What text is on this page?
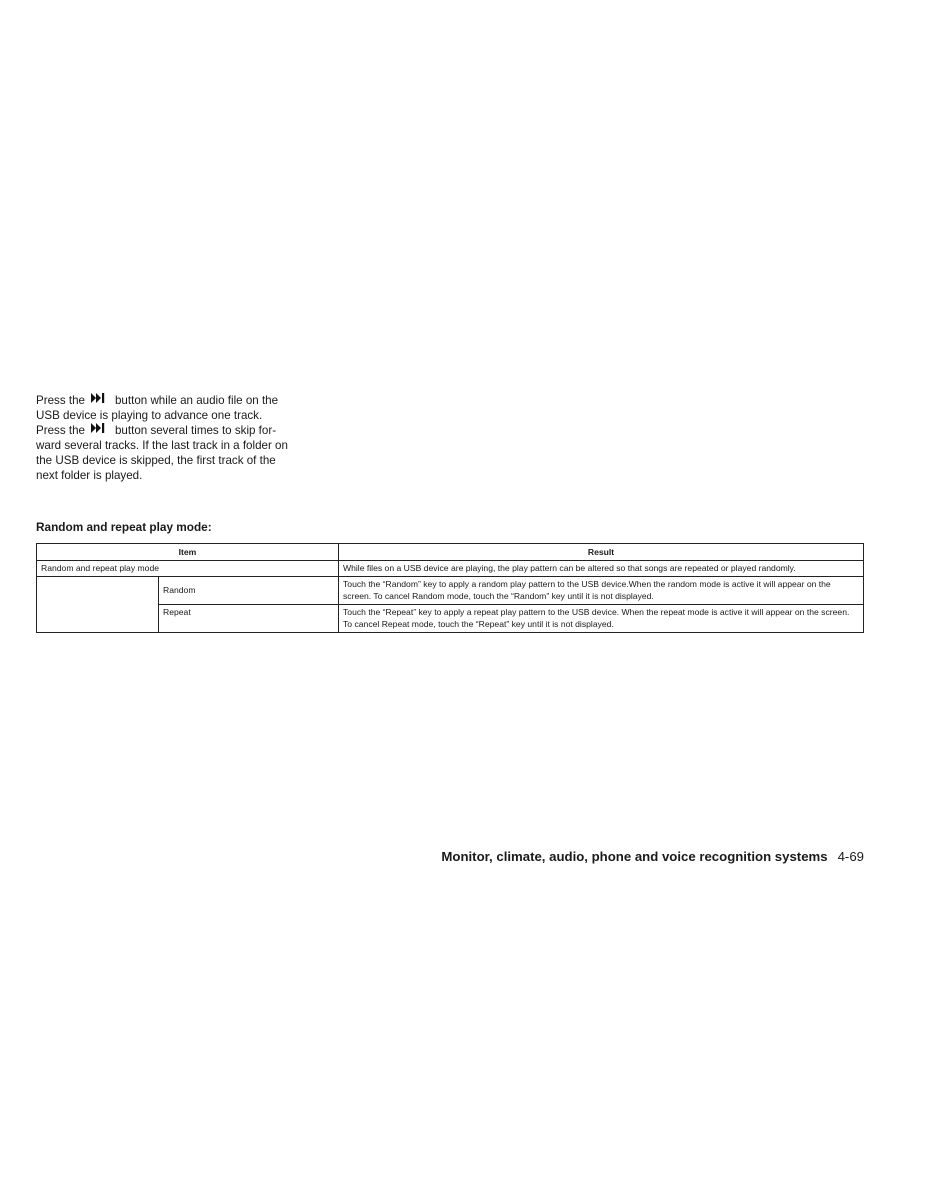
Press the	button while an audio file on the
USB device is playing to advance one track.
Press the	button several times to skip for-
ward several tracks. If the last track in a folder on
the USB device is skipped, the first track of the
next folder is played.
Random and repeat play mode:
Item		Result
Random and repeat play mode		While files on a USB device are playing, the play pattern can be altered so that songs are repeated or played randomly.
	Random	Touch the “Random” key to apply a random play pattern to the USB device.When the random mode is active it will appear on the screen. To cancel Random mode, touch the “Random” key until it is not displayed.
	Repeat	Touch the “Repeat” key to apply a repeat play pattern to the USB device. When the repeat mode is active it will appear on the screen. To cancel Repeat mode, touch the “Repeat” key until it is not displayed.
Monitor, climate, audio, phone and voice recognition systems 4-69
